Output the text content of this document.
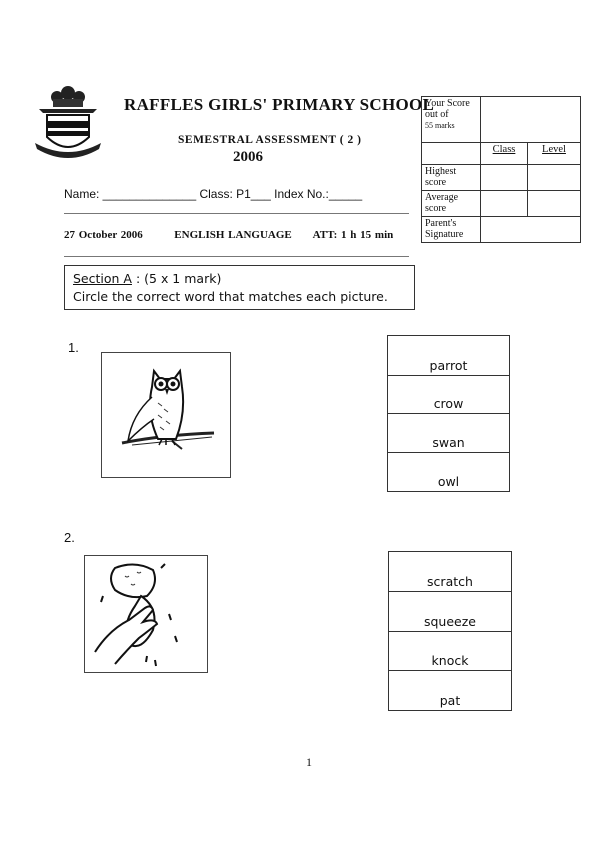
RAFFLES GIRLS' PRIMARY SCHOOL
SEMESTRAL ASSESSMENT ( 2 )
2006
Name: ______________ Class: P1___ Index No.:_____
27 October 2006	ENGLISH LANGUAGE ATT: 1 h 15 min
Your Score out of
55 marks		
	Class	Level
Highest score		
Average score		
Parent's Signature		
Section A : (5 x 1 mark)
Circle the correct word that matches each picture.
1.
parrot
crow
swan
owl
2.
scratch
squeeze
knock
pat
1
